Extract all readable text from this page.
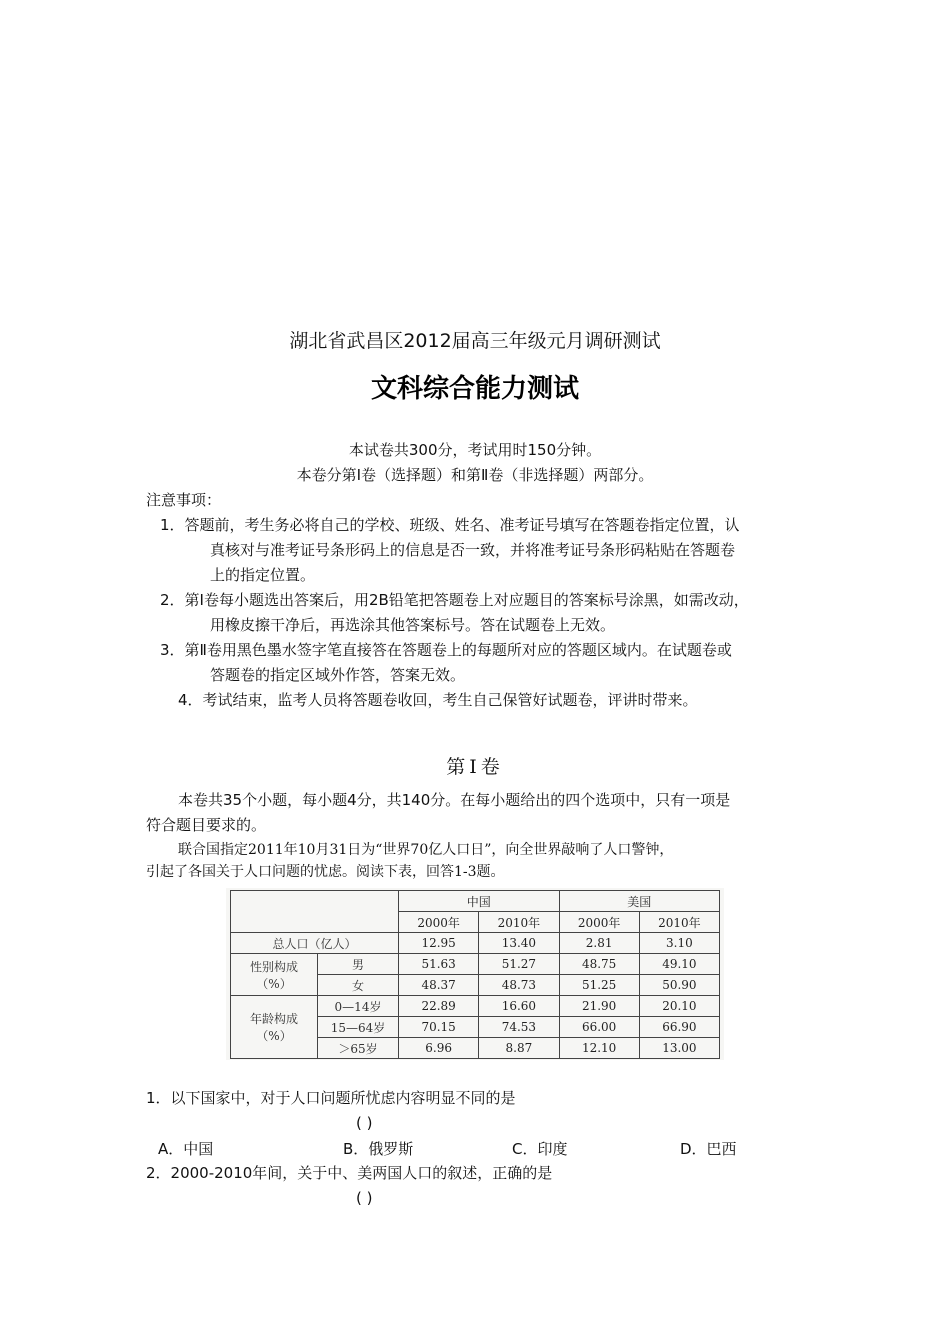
湖北省武昌区2012届高三年级元月调研测试
文科综合能力测试
本试卷共300分，考试用时150分钟。
本卷分第Ⅰ卷（选择题）和第Ⅱ卷（非选择题）两部分。
注意事项：
1．答题前，考生务必将自己的学校、班级、姓名、准考证号填写在答题卷指定位置，认
真核对与准考证号条形码上的信息是否一致，并将准考证号条形码粘贴在答题卷
上的指定位置。
2．第Ⅰ卷每小题选出答案后，用2B铅笔把答题卷上对应题目的答案标号涂黑，如需改动，
用橡皮擦干净后，再选涂其他答案标号。答在试题卷上无效。
3．第Ⅱ卷用黑色墨水签字笔直接答在答题卷上的每题所对应的答题区域内。在试题卷或
答题卷的指定区域外作答，答案无效。
4．考试结束，监考人员将答题卷收回，考生自己保管好试题卷，评讲时带来。
第Ⅰ卷
本卷共35个小题，每小题4分，共140分。在每小题给出的四个选项中，只有一项是
符合题目要求的。
联合国指定2011年10月31日为“世界70亿人口日”，向全世界敲响了人口警钟，
引起了各国关于人口问题的忧虑。阅读下表，回答1-3题。
		中国		美国	
		2000年	2010年	2000年	2010年
总人口（亿人）		12.95	13.40	2.81	3.10

性别构成
（%）	男	51.63	51.27	48.75	49.10
	女	48.37	48.73	51.25	50.90

年龄构成
（%）	0—14岁	22.89	16.60	21.90	20.10
	15—64岁	70.15	74.53	66.00	66.90
	＞65岁	6.96	8.87	12.10	13.00
1．以下国家中，对于人口问题所忧虑内容明显不同的是
( )
A．中国	B．俄罗斯	C．印度	D．巴西
2．2000-2010年间，关于中、美两国人口的叙述，正确的是
( )
